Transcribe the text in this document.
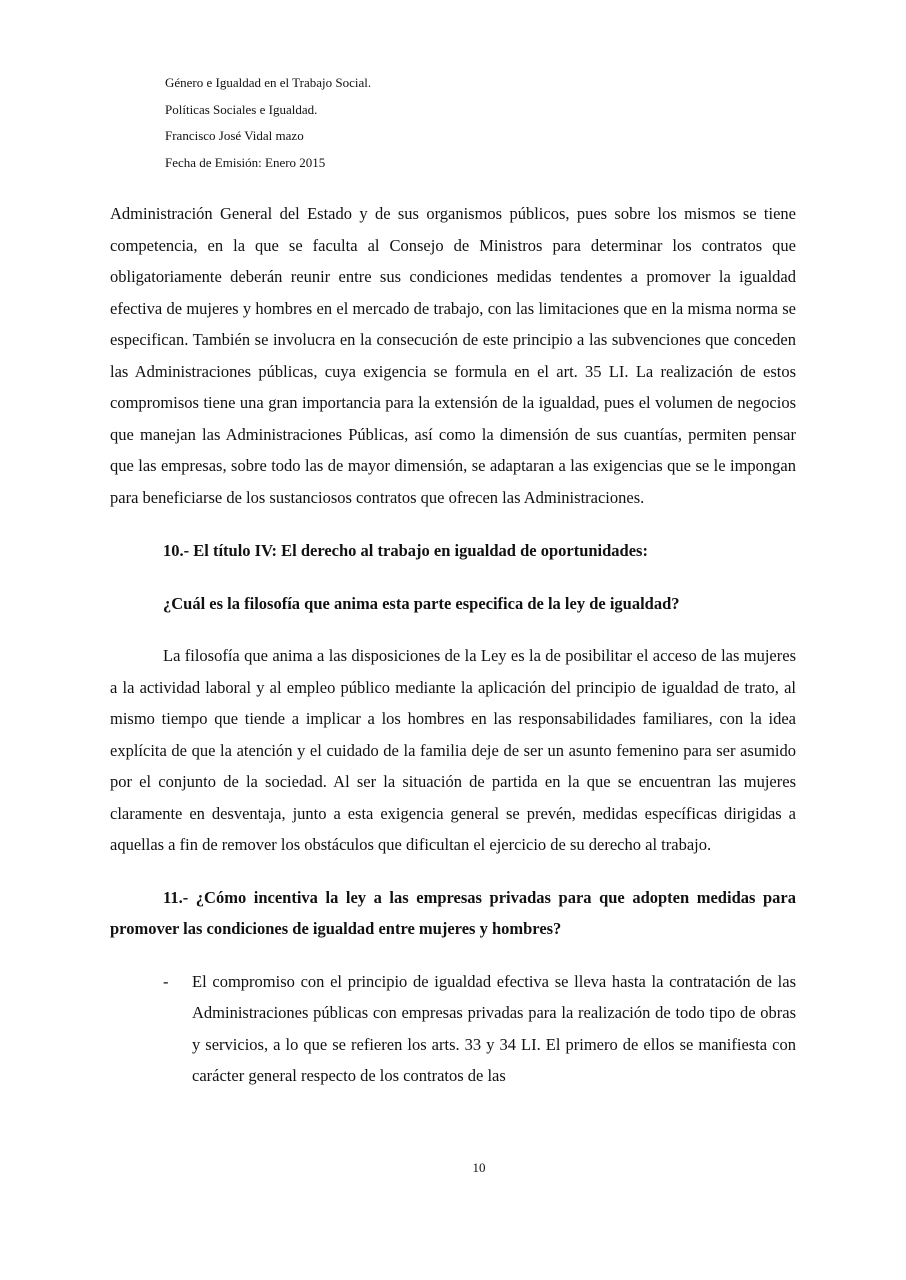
Género e Igualdad en el Trabajo Social.
Políticas Sociales e Igualdad.
Francisco José Vidal mazo
Fecha de Emisión: Enero 2015

Administración General del Estado y de sus organismos públicos, pues sobre los mismos se tiene competencia, en la que se faculta al Consejo de Ministros para determinar los contratos que obligatoriamente deberán reunir entre sus condiciones medidas tendentes a promover la igualdad efectiva de mujeres y hombres en el mercado de trabajo, con las limitaciones que en la misma norma se especifican. También se involucra en la consecución de este principio a las subvenciones que conceden las Administraciones públicas, cuya exigencia se formula en el art. 35 LI. La realización de estos compromisos tiene una gran importancia para la extensión de la igualdad, pues el volumen de negocios que manejan las Administraciones Públicas, así como la dimensión de sus cuantías, permiten pensar que las empresas, sobre todo las de mayor dimensión, se adaptaran a las exigencias que se le impongan para beneficiarse de los sustanciosos contratos que ofrecen las Administraciones.

10.- El título IV: El derecho al trabajo en igualdad de oportunidades:

¿Cuál es la filosofía que anima esta parte especifica de la ley de igualdad?

La filosofía que anima a las disposiciones de la Ley es la de posibilitar el acceso de las mujeres a la actividad laboral y al empleo público mediante la aplicación del principio de igualdad de trato, al mismo tiempo que tiende a implicar a los hombres en las responsabilidades familiares, con la idea explícita de que la atención y el cuidado de la familia deje de ser un asunto femenino para ser asumido por el conjunto de la sociedad. Al ser la situación de partida en la que se encuentran las mujeres claramente en desventaja, junto a esta exigencia general se prevén, medidas específicas dirigidas a aquellas a fin de remover los obstáculos que dificultan el ejercicio de su derecho al trabajo.

11.- ¿Cómo incentiva la ley a las empresas privadas para que adopten medidas para promover las condiciones de igualdad entre mujeres y hombres?

- El compromiso con el principio de igualdad efectiva se lleva hasta la contratación de las Administraciones públicas con empresas privadas para la realización de todo tipo de obras y servicios, a lo que se refieren los arts. 33 y 34 LI. El primero de ellos se manifiesta con carácter general respecto de los contratos de las
10
